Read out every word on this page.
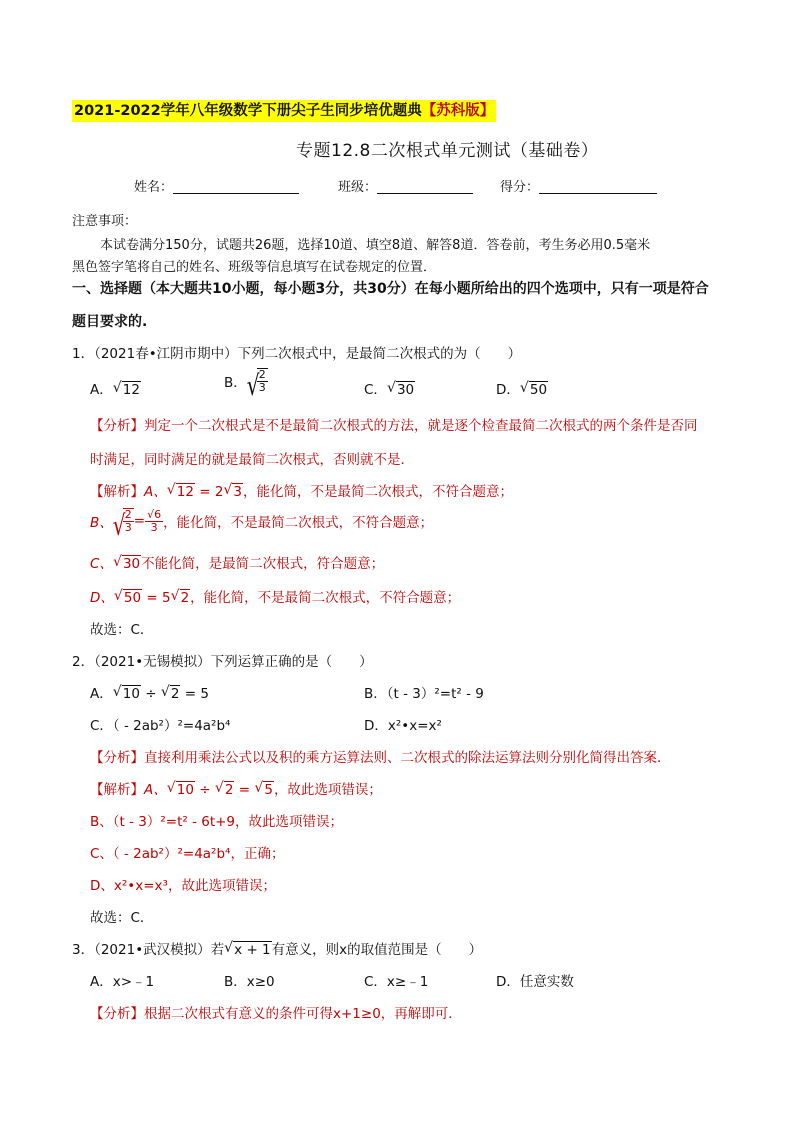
2021-2022学年八年级数学下册尖子生同步培优题典【苏科版】
专题12.8二次根式单元测试（基础卷）
姓名：	班级：	得分：
注意事项：
本试卷满分150分，试题共26题，选择10道、填空8道、解答8道．答卷前，考生务必用0.5毫米
黑色签字笔将自己的姓名、班级等信息填写在试卷规定的位置．
一、选择题（本大题共10小题，每小题3分，共30分）在每小题所给出的四个选项中，只有一项是符合
题目要求的.
1．（2021春•江阴市期中）下列二次根式中，是最简二次根式的为（　　）
A． √ 12	B． √
$\frac{2}{3}$	C． √ 30	D． √ 50
【分析】判定一个二次根式是不是最简二次根式的方法，就是逐个检查最简二次根式的两个条件是否同
时满足，同时满足的就是最简二次根式，否则就不是．
【解析】A、 √ 12 = 2 √ 3，能化简，不是最简二次根式，不符合题意；
B、 √
$\frac{2}{3} = \frac{√6}{3}$ ，能化简，不是最简二次根式，不符合题意；
C、 √ 30不能化简，是最简二次根式，符合题意；
D、 √ 50 = 5 √ 2，能化简，不是最简二次根式，不符合题意；
故选：C．
2．（2021•无锡模拟）下列运算正确的是（　　）
A． √ 10 ÷ √ 2 = 5	B．（t - 3）²=t² - 9
C．（ - 2ab²）²=4a²b⁴	D．x²•x=x²
【分析】直接利用乘法公式以及积的乘方运算法则、二次根式的除法运算法则分别化简得出答案．
【解析】A、 √ 10 ÷ √ 2 = √ 5，故此选项错误；
B、（t - 3）²=t² - 6t+9，故此选项错误；
C、（ - 2ab²）²=4a²b⁴，正确；
D、x²•x=x³，故此选项错误；
故选：C．
3．（2021•武汉模拟）若 √ x + 1有意义，则x的取值范围是（　　）
A．x>﹣1	B．x≥0	C．x≥﹣1	D．任意实数
【分析】根据二次根式有意义的条件可得x+1≥0，再解即可．
